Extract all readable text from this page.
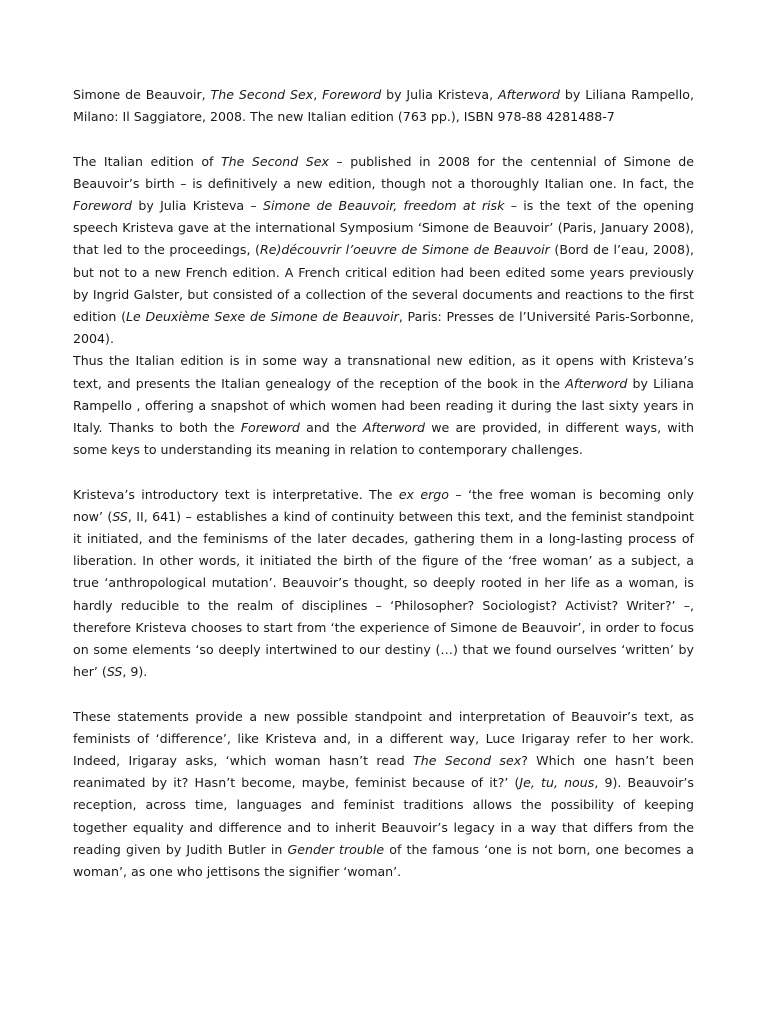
Simone de Beauvoir, The Second Sex, Foreword by Julia Kristeva, Afterword by Liliana Rampello, Milano: Il Saggiatore, 2008. The new Italian edition (763 pp.), ISBN 978-88 4281488-7

The Italian edition of The Second Sex – published in 2008 for the centennial of Simone de Beauvoir’s birth – is definitively a new edition, though not a thoroughly Italian one. In fact, the Foreword by Julia Kristeva – Simone de Beauvoir, freedom at risk – is the text of the opening speech Kristeva gave at the international Symposium ‘Simone de Beauvoir’ (Paris, January 2008), that led to the proceedings, (Re)découvrir l’oeuvre de Simone de Beauvoir (Bord de l’eau, 2008), but not to a new French edition. A French critical edition had been edited some years previously by Ingrid Galster, but consisted of a collection of the several documents and reactions to the first edition (Le Deuxième Sexe de Simone de Beauvoir, Paris: Presses de l’Université Paris-Sorbonne, 2004).

Thus the Italian edition is in some way a transnational new edition, as it opens with Kristeva’s text, and presents the Italian genealogy of the reception of the book in the Afterword by Liliana Rampello , offering a snapshot of which women had been reading it during the last sixty years in Italy. Thanks to both the Foreword and the Afterword we are provided, in different ways, with some keys to understanding its meaning in relation to contemporary challenges.

Kristeva’s introductory text is interpretative. The ex ergo – ‘the free woman is becoming only now’ (SS, II, 641) – establishes a kind of continuity between this text, and the feminist standpoint it initiated, and the feminisms of the later decades, gathering them in a long-lasting process of liberation. In other words, it initiated the birth of the figure of the ‘free woman’ as a subject, a true ‘anthropological mutation’. Beauvoir’s thought, so deeply rooted in her life as a woman, is hardly reducible to the realm of disciplines – ‘Philosopher? Sociologist? Activist? Writer?’ –, therefore Kristeva chooses to start from ‘the experience of Simone de Beauvoir’, in order to focus on some elements ‘so deeply intertwined to our destiny (…) that we found ourselves ‘written’ by her’ (SS, 9).

These statements provide a new possible standpoint and interpretation of Beauvoir’s text, as feminists of ‘difference’, like Kristeva and, in a different way, Luce Irigaray refer to her work. Indeed, Irigaray asks, ‘which woman hasn’t read The Second sex? Which one hasn’t been reanimated by it? Hasn’t become, maybe, feminist because of it?’ (Je, tu, nous, 9). Beauvoir’s reception, across time, languages and feminist traditions allows the possibility of keeping together equality and difference and to inherit Beauvoir’s legacy in a way that differs from the reading given by Judith Butler in Gender trouble of the famous ‘one is not born, one becomes a woman’, as one who jettisons the signifier ‘woman’.
